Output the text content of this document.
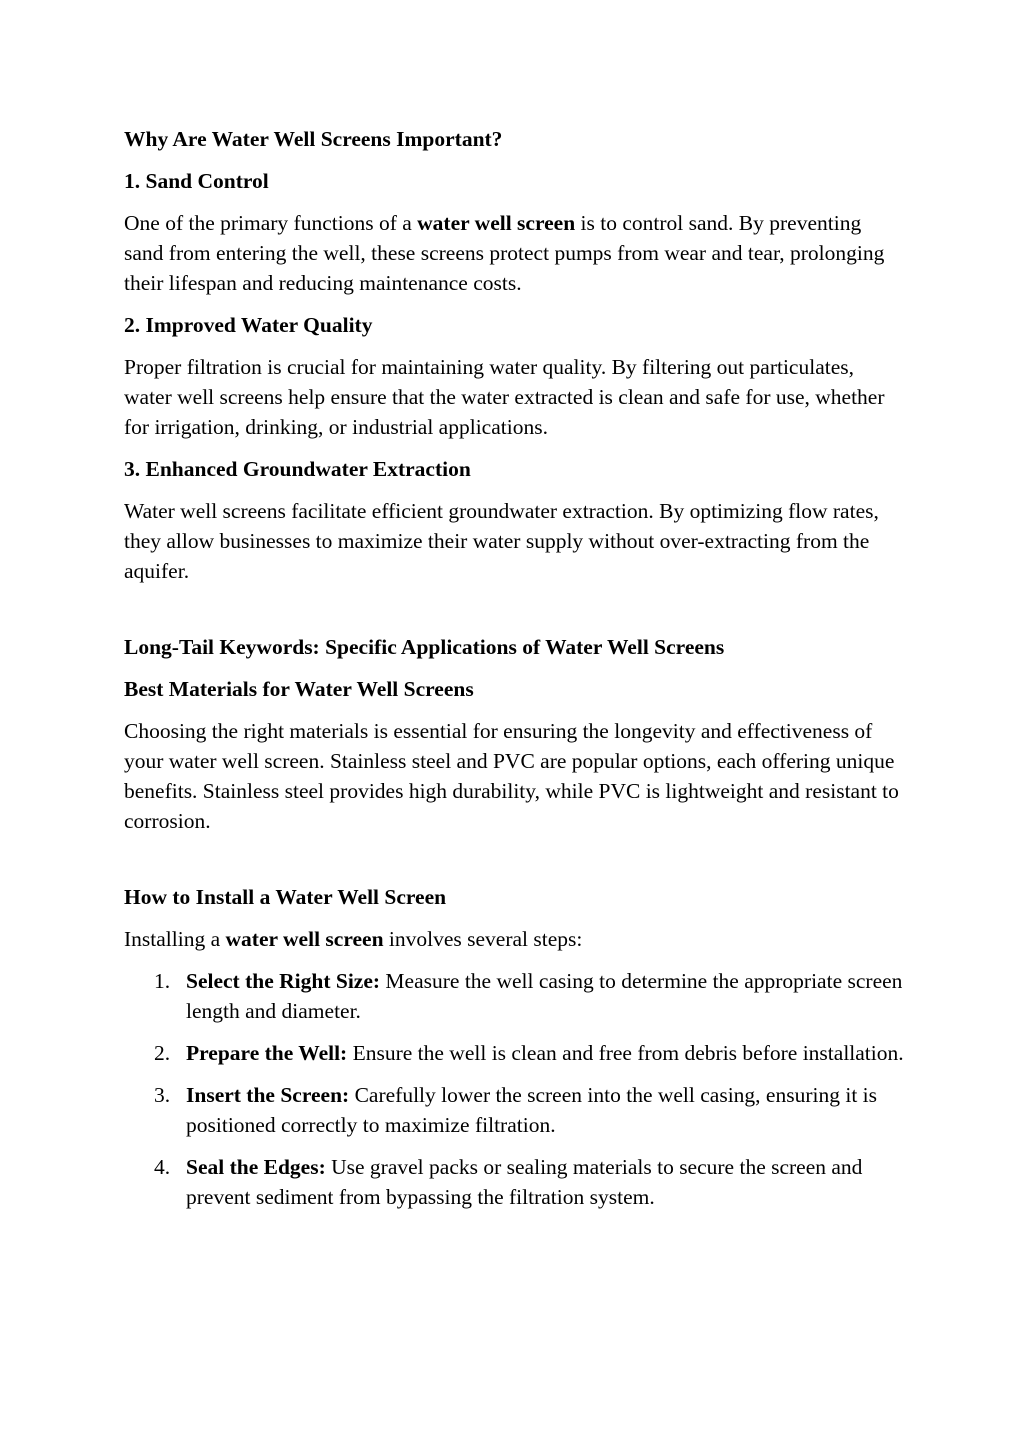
Why Are Water Well Screens Important?
1. Sand Control
One of the primary functions of a water well screen is to control sand. By preventing sand from entering the well, these screens protect pumps from wear and tear, prolonging their lifespan and reducing maintenance costs.
2. Improved Water Quality
Proper filtration is crucial for maintaining water quality. By filtering out particulates, water well screens help ensure that the water extracted is clean and safe for use, whether for irrigation, drinking, or industrial applications.
3. Enhanced Groundwater Extraction
Water well screens facilitate efficient groundwater extraction. By optimizing flow rates, they allow businesses to maximize their water supply without over-extracting from the aquifer.
Long-Tail Keywords: Specific Applications of Water Well Screens
Best Materials for Water Well Screens
Choosing the right materials is essential for ensuring the longevity and effectiveness of your water well screen. Stainless steel and PVC are popular options, each offering unique benefits. Stainless steel provides high durability, while PVC is lightweight and resistant to corrosion.
How to Install a Water Well Screen
Installing a water well screen involves several steps:
1. Select the Right Size: Measure the well casing to determine the appropriate screen length and diameter.
2. Prepare the Well: Ensure the well is clean and free from debris before installation.
3. Insert the Screen: Carefully lower the screen into the well casing, ensuring it is positioned correctly to maximize filtration.
4. Seal the Edges: Use gravel packs or sealing materials to secure the screen and prevent sediment from bypassing the filtration system.
